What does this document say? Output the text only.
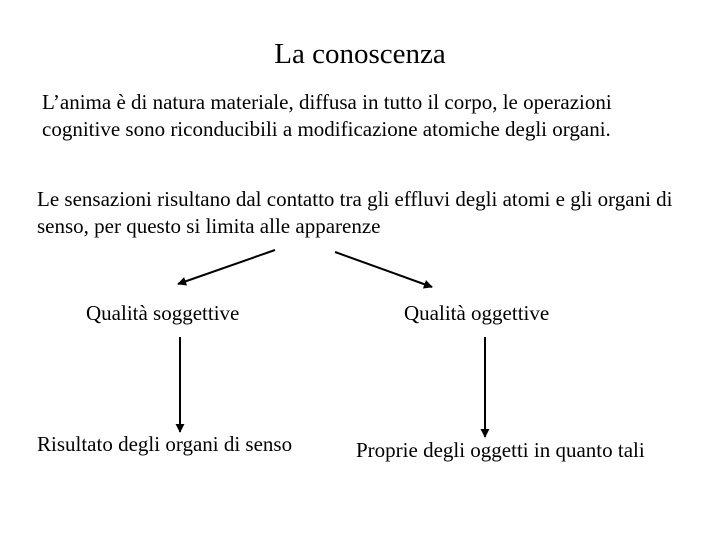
La conoscenza
L’anima è di natura materiale, diffusa in tutto il corpo, le operazioni cognitive sono riconducibili a modificazione atomiche degli organi.
Le sensazioni risultano dal contatto tra gli effluvi degli atomi e gli organi di senso, per questo si limita alle apparenze
Qualità soggettive	Qualità oggettive
Risultato degli organi di senso	Proprie degli oggetti in quanto tali
